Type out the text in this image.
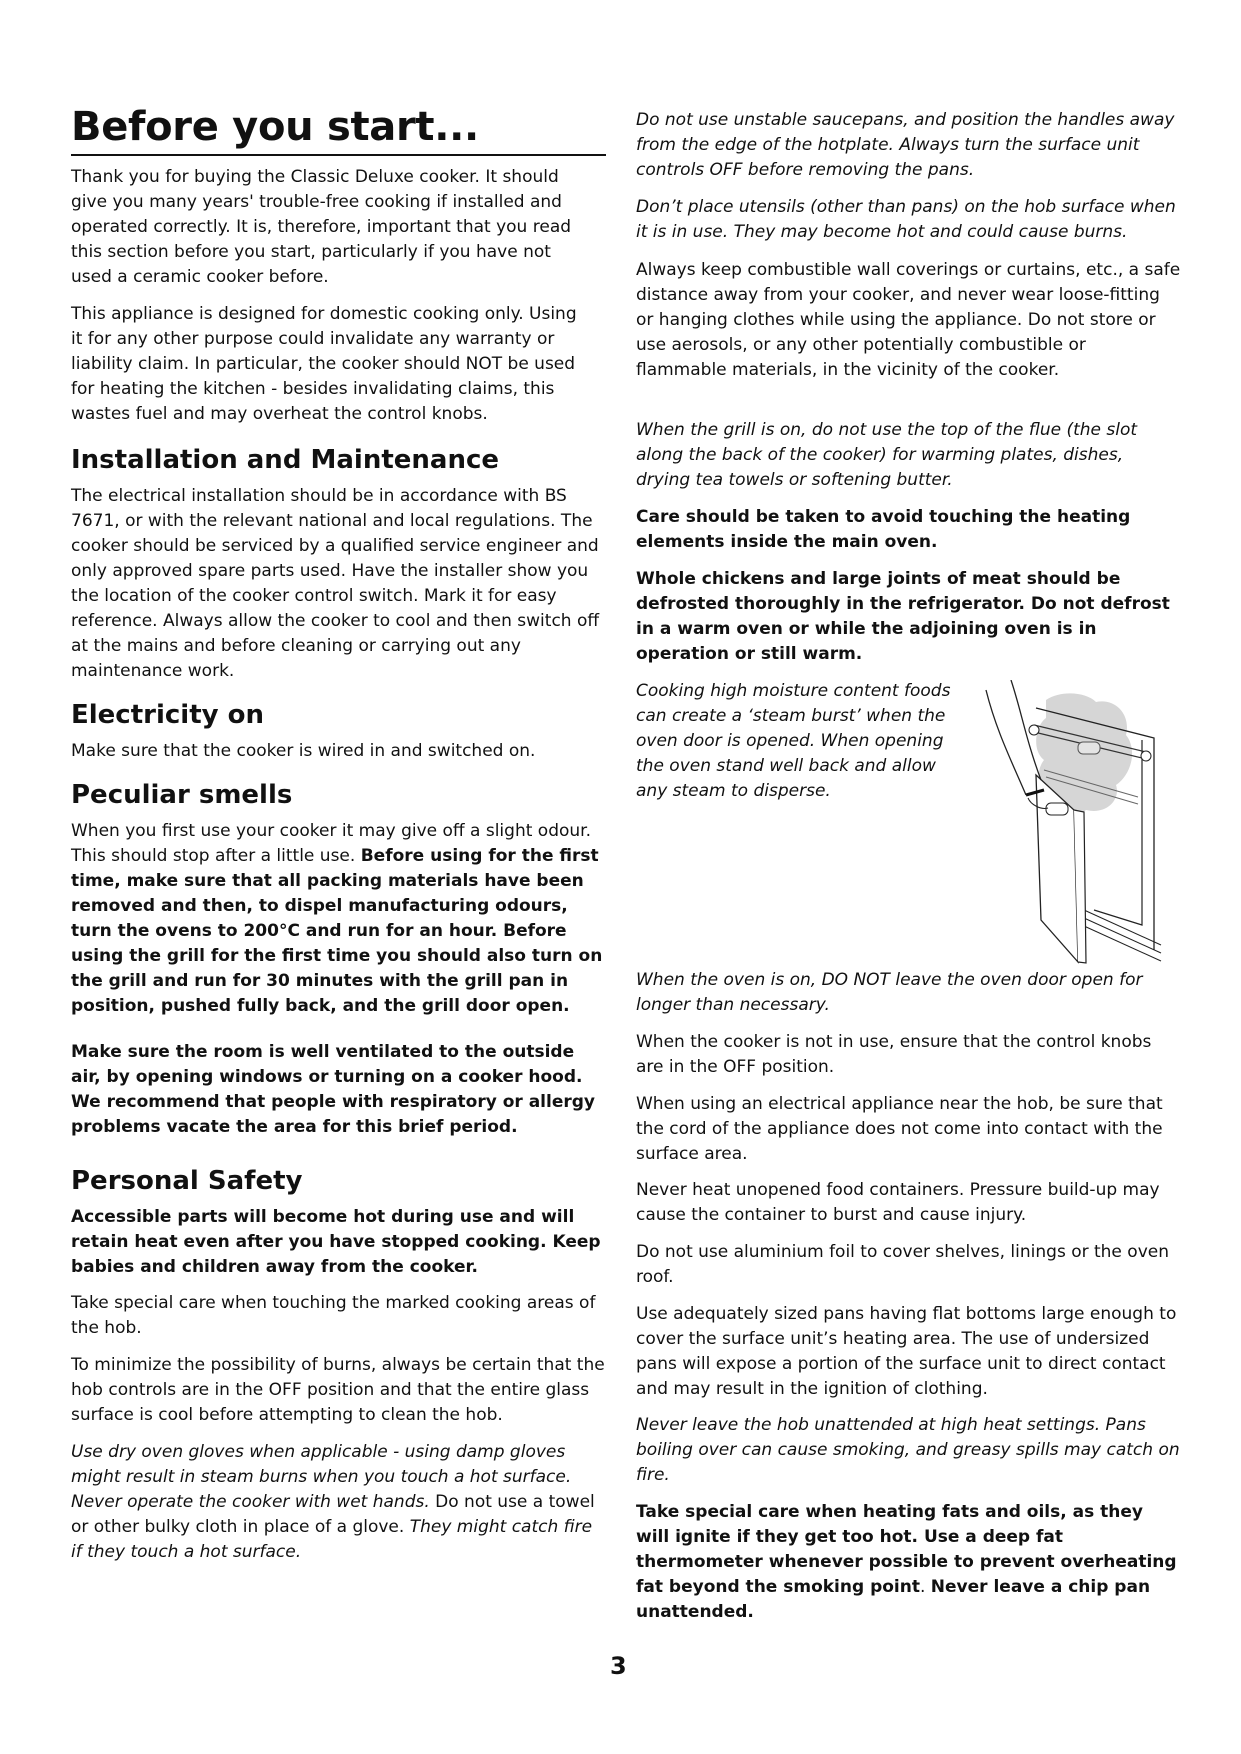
Before you start...

Thank you for buying the Classic Deluxe cooker. It should give you many years' trouble-free cooking if installed and operated correctly. It is, therefore, important that you read this section before you start, particularly if you have not used a ceramic cooker before.

This appliance is designed for domestic cooking only. Using it for any other purpose could invalidate any warranty or liability claim. In particular, the cooker should NOT be used for heating the kitchen - besides invalidating claims, this wastes fuel and may overheat the control knobs.

Installation and Maintenance

The electrical installation should be in accordance with BS 7671, or with the relevant national and local regulations. The cooker should be serviced by a qualified service engineer and only approved spare parts used. Have the installer show you the location of the cooker control switch. Mark it for easy reference. Always allow the cooker to cool and then switch off at the mains and before cleaning or carrying out any maintenance work.

Electricity on

Make sure that the cooker is wired in and switched on.

Peculiar smells

When you first use your cooker it may give off a slight odour. This should stop after a little use. Before using for the first time, make sure that all packing materials have been removed and then, to dispel manufacturing odours, turn the ovens to 200°C and run for an hour. Before using the grill for the first time you should also turn on the grill and run for 30 minutes with the grill pan in position, pushed fully back, and the grill door open.

Make sure the room is well ventilated to the outside air, by opening windows or turning on a cooker hood. We recommend that people with respiratory or allergy problems vacate the area for this brief period.

Personal Safety

Accessible parts will become hot during use and will retain heat even after you have stopped cooking. Keep babies and children away from the cooker.

Take special care when touching the marked cooking areas of the hob.

To minimize the possibility of burns, always be certain that the hob controls are in the OFF position and that the entire glass surface is cool before attempting to clean the hob.

Use dry oven gloves when applicable - using damp gloves might result in steam burns when you touch a hot surface. Never operate the cooker with wet hands. Do not use a towel or other bulky cloth in place of a glove. They might catch fire if they touch a hot surface.

Do not use unstable saucepans, and position the handles away from the edge of the hotplate. Always turn the surface unit controls OFF before removing the pans.

Don’t place utensils (other than pans) on the hob surface when it is in use. They may become hot and could cause burns.

Always keep combustible wall coverings or curtains, etc., a safe distance away from your cooker, and never wear loose-fitting or hanging clothes while using the appliance. Do not store or use aerosols, or any other potentially combustible or flammable materials, in the vicinity of the cooker.

When the grill is on, do not use the top of the flue (the slot along the back of the cooker) for warming plates, dishes, drying tea towels or softening butter.

Care should be taken to avoid touching the heating elements inside the main oven.

Whole chickens and large joints of meat should be defrosted thoroughly in the refrigerator. Do not defrost in a warm oven or while the adjoining oven is in operation or still warm.

Cooking high moisture content foods can create a ‘steam burst’ when the oven door is opened. When opening the oven stand well back and allow any steam to disperse.

When the oven is on, DO NOT leave the oven door open for longer than necessary.

When the cooker is not in use, ensure that the control knobs are in the OFF position.

When using an electrical appliance near the hob, be sure that the cord of the appliance does not come into contact with the surface area.

Never heat unopened food containers. Pressure build-up may cause the container to burst and cause injury.

Do not use aluminium foil to cover shelves, linings or the oven roof.

Use adequately sized pans having flat bottoms large enough to cover the surface unit’s heating area. The use of undersized pans will expose a portion of the surface unit to direct contact and may result in the ignition of clothing.

Never leave the hob unattended at high heat settings. Pans boiling over can cause smoking, and greasy spills may catch on fire.

Take special care when heating fats and oils, as they will ignite if they get too hot. Use a deep fat thermometer whenever possible to prevent overheating fat beyond the smoking point. Never leave a chip pan unattended.

3
